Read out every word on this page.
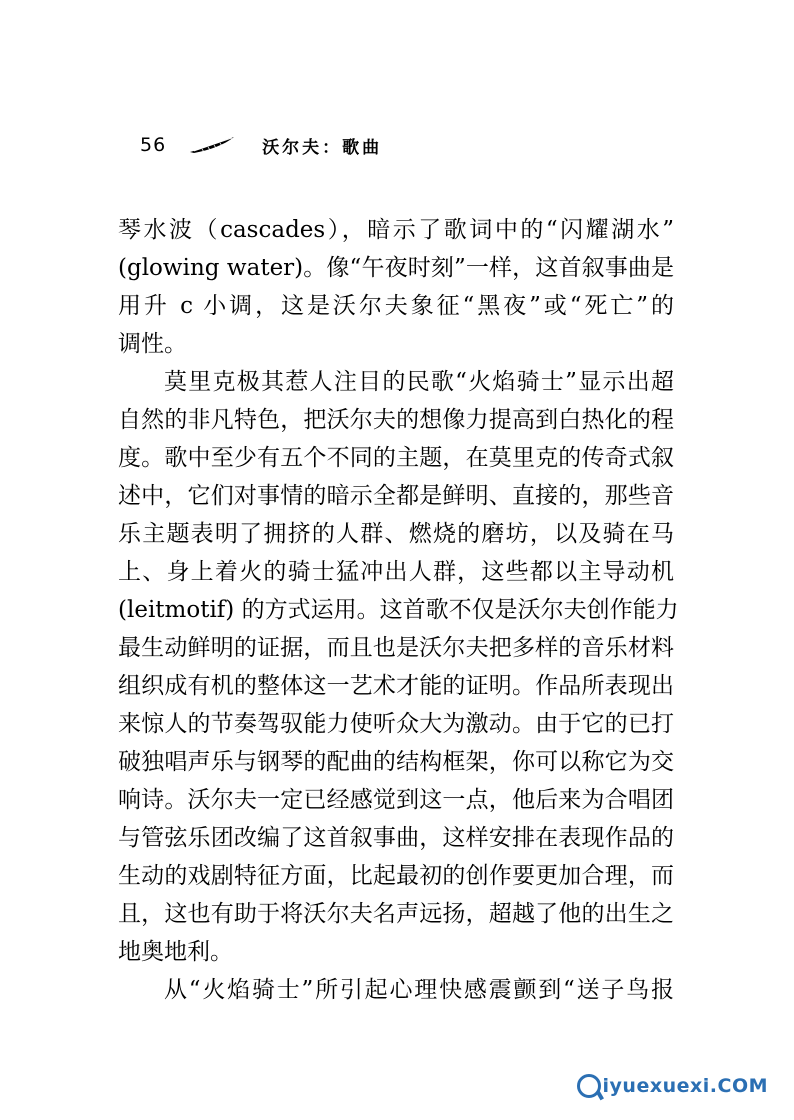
56	沃尔夫：歌曲
琴水波（cascades），暗示了歌词中的“闪耀湖水”
(glowing water)。像“午夜时刻”一样，这首叙事曲是
用升 c 小调，这是沃尔夫象征“黑夜”或“死亡”的
调性。
莫里克极其惹人注目的民歌“火焰骑士”显示出超
自然的非凡特色，把沃尔夫的想像力提高到白热化的程
度。歌中至少有五个不同的主题，在莫里克的传奇式叙
述中，它们对事情的暗示全都是鲜明、直接的，那些音
乐主题表明了拥挤的人群、燃烧的磨坊，以及骑在马
上、身上着火的骑士猛冲出人群，这些都以主导动机
(leitmotif) 的方式运用。这首歌不仅是沃尔夫创作能力
最生动鲜明的证据，而且也是沃尔夫把多样的音乐材料
组织成有机的整体这一艺术才能的证明。作品所表现出
来惊人的节奏驾驭能力使听众大为激动。由于它的已打
破独唱声乐与钢琴的配曲的结构框架，你可以称它为交
响诗。沃尔夫一定已经感觉到这一点，他后来为合唱团
与管弦乐团改编了这首叙事曲，这样安排在表现作品的
生动的戏剧特征方面，比起最初的创作要更加合理，而
且，这也有助于将沃尔夫名声远扬，超越了他的出生之
地奥地利。
从“火焰骑士”所引起心理快感震颤到“送子鸟报
iyuexuexi.COM
